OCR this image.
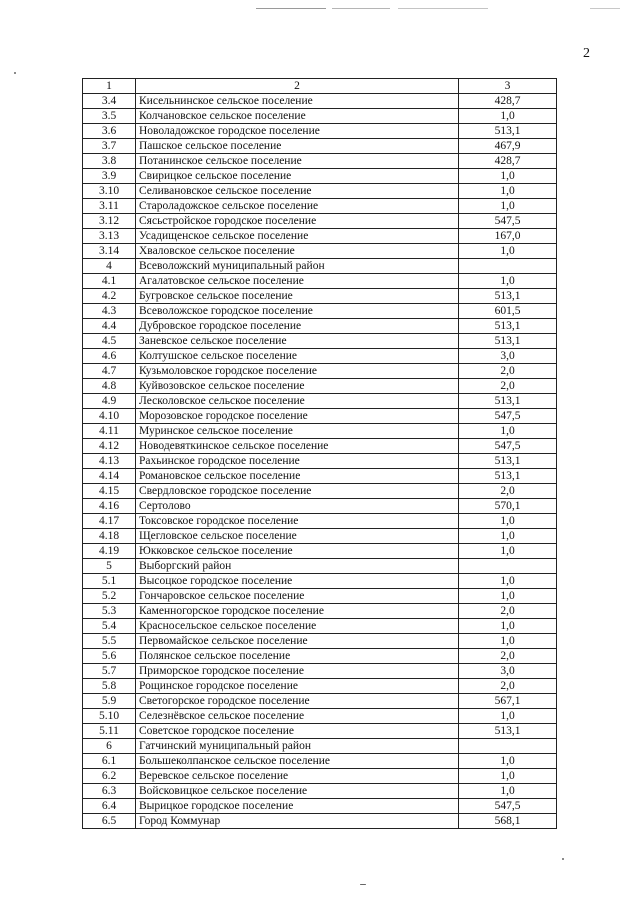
2
1	2	3
3.4	Кисельнинское сельское поселение	428,7
3.5	Колчановское сельское поселение	1,0
3.6	Новоладожское городское поселение	513,1
3.7	Пашское сельское поселение	467,9
3.8	Потанинское сельское поселение	428,7
3.9	Свирицкое сельское поселение	1,0
3.10	Селивановское сельское поселение	1,0
3.11	Староладожское сельское поселение	1,0
3.12	Сясьстройское городское поселение	547,5
3.13	Усадищенское сельское поселение	167,0
3.14	Хваловское сельское поселение	1,0
4	Всеволожский муниципальный район	
4.1	Агалатовское сельское поселение	1,0
4.2	Бугровское сельское поселение	513,1
4.3	Всеволожское городское поселение	601,5
4.4	Дубровское городское поселение	513,1
4.5	Заневское сельское поселение	513,1
4.6	Колтушское сельское поселение	3,0
4.7	Кузьмоловское городское поселение	2,0
4.8	Куйвозовское сельское поселение	2,0
4.9	Лесколовское сельское поселение	513,1
4.10	Морозовское городское поселение	547,5
4.11	Муринское сельское поселение	1,0
4.12	Новодевяткинское сельское поселение	547,5
4.13	Рахьинское городское поселение	513,1
4.14	Романовское сельское поселение	513,1
4.15	Свердловское городское поселение	2,0
4.16	Сертолово	570,1
4.17	Токсовское городское поселение	1,0
4.18	Щегловское сельское поселение	1,0
4.19	Юкковское сельское поселение	1,0
5	Выборгский район	
5.1	Высоцкое городское поселение	1,0
5.2	Гончаровское сельское поселение	1,0
5.3	Каменногорское городское поселение	2,0
5.4	Красносельское сельское поселение	1,0
5.5	Первомайское сельское поселение	1,0
5.6	Полянское сельское поселение	2,0
5.7	Приморское городское поселение	3,0
5.8	Рощинское городское поселение	2,0
5.9	Светогорское городское поселение	567,1
5.10	Селезнёвское сельское поселение	1,0
5.11	Советское городское поселение	513,1
6	Гатчинский муниципальный район	
6.1	Большеколпанское сельское поселение	1,0
6.2	Веревское сельское поселение	1,0
6.3	Войсковицкое сельское поселение	1,0
6.4	Вырицкое городское поселение	547,5
6.5	Город Коммунар	568,1
